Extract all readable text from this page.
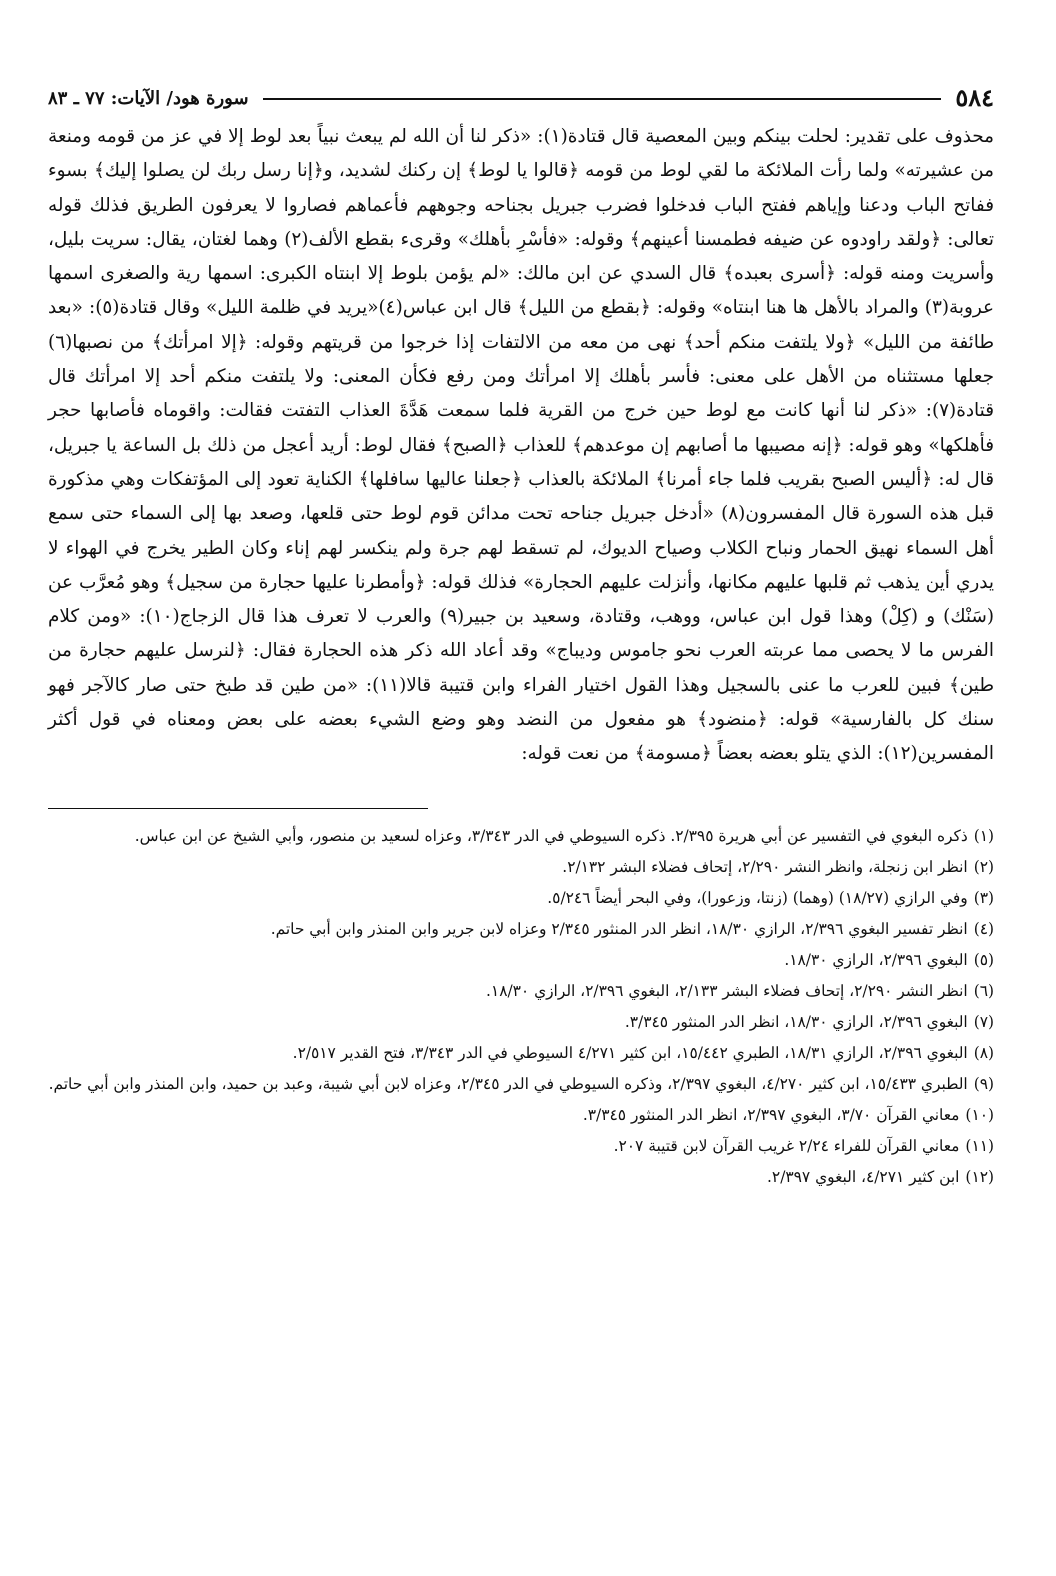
٥٨٤
سورة هود/ الآيات: ٧٧ ـ ٨٣

محذوف على تقدير: لحلت بينكم وبين المعصية قال قتادة(١): «ذكر لنا أن الله لم يبعث نبياً بعد لوط إلا في عز من قومه ومنعة من عشيرته» ولما رأت الملائكة ما لقي لوط من قومه ﴿قالوا يا لوط﴾ إن ركنك لشديد، و﴿إنا رسل ربك لن يصلوا إليك﴾ بسوء ففاتح الباب ودعنا وإياهم ففتح الباب فدخلوا فضرب جبريل بجناحه وجوههم فأعماهم فصاروا لا يعرفون الطريق فذلك قوله تعالى: ﴿ولقد راودوه عن ضيفه فطمسنا أعينهم﴾ وقوله: «فأسْرِ بأهلك» وقرىء بقطع الألف(٢) وهما لغتان، يقال: سريت بليل، وأسريت ومنه قوله: ﴿أسرى بعبده﴾ قال السدي عن ابن مالك: «لم يؤمن بلوط إلا ابنتاه الكبرى: اسمها رية والصغرى اسمها عروبة(٣) والمراد بالأهل ها هنا ابنتاه» وقوله: ﴿بقطع من الليل﴾ قال ابن عباس(٤)«يريد في ظلمة الليل» وقال قتادة(٥): «بعد طائفة من الليل» ﴿ولا يلتفت منكم أحد﴾ نهى من معه من الالتفات إذا خرجوا من قريتهم وقوله: ﴿إلا امرأتك﴾ من نصبها(٦) جعلها مستثناه من الأهل على معنى: فأسر بأهلك إلا امرأتك ومن رفع فكأن المعنى: ولا يلتفت منكم أحد إلا امرأتك قال قتادة(٧): «ذكر لنا أنها كانت مع لوط حين خرج من القرية فلما سمعت هَدَّةَ العذاب التفتت فقالت: واقوماه فأصابها حجر فأهلكها» وهو قوله: ﴿إنه مصيبها ما أصابهم إن موعدهم﴾ للعذاب ﴿الصبح﴾ فقال لوط: أريد أعجل من ذلك بل الساعة يا جبريل، قال له: ﴿أليس الصبح بقريب فلما جاء أمرنا﴾ الملائكة بالعذاب ﴿جعلنا عاليها سافلها﴾ الكناية تعود إلى المؤتفكات وهي مذكورة قبل هذه السورة قال المفسرون(٨) «أدخل جبريل جناحه تحت مدائن قوم لوط حتى قلعها، وصعد بها إلى السماء حتى سمع أهل السماء نهيق الحمار ونباح الكلاب وصياح الديوك، لم تسقط لهم جرة ولم ينكسر لهم إناء وكان الطير يخرج في الهواء لا يدري أين يذهب ثم قلبها عليهم مكانها، وأنزلت عليهم الحجارة» فذلك قوله: ﴿وأمطرنا عليها حجارة من سجيل﴾ وهو مُعرَّب عن (سَنْك) و (كِلْ) وهذا قول ابن عباس، ووهب، وقتادة، وسعيد بن جبير(٩) والعرب لا تعرف هذا قال الزجاج(١٠): «ومن كلام الفرس ما لا يحصى مما عربته العرب نحو جاموس وديباج» وقد أعاد الله ذكر هذه الحجارة فقال: ﴿لنرسل عليهم حجارة من طين﴾ فبين للعرب ما عنى بالسجيل وهذا القول اختيار الفراء وابن قتيبة قالا(١١): «من طين قد طبخ حتى صار كالآجر فهو سنك كل بالفارسية» قوله: ﴿منضود﴾ هو مفعول من النضد وهو وضع الشيء بعضه على بعض ومعناه في قول أكثر المفسرين(١٢): الذي يتلو بعضه بعضاً ﴿مسومة﴾ من نعت قوله:

(١)
ذكره البغوي في التفسير عن أبي هريرة ٢/٣٩٥. ذكره السيوطي في الدر ٣/٣٤٣، وعزاه لسعيد بن منصور، وأبي الشيخ عن ابن عباس.
(٢)
انظر ابن زنجلة، وانظر النشر ٢/٢٩٠، إتحاف فضلاء البشر ٢/١٣٢.
(٣)
وفي الرازي (١٨/٢٧) (وهما) (زنتا، وزعورا)، وفي البحر أيضاً ٥/٢٤٦.
(٤)
انظر تفسير البغوي ٢/٣٩٦، الرازي ١٨/٣٠، انظر الدر المنثور ٢/٣٤٥ وعزاه لابن جرير وابن المنذر وابن أبي حاتم.
(٥)
البغوي ٢/٣٩٦، الرازي ١٨/٣٠.
(٦)
انظر النشر ٢/٢٩٠، إتحاف فضلاء البشر ٢/١٣٣، البغوي ٢/٣٩٦، الرازي ١٨/٣٠.
(٧)
البغوي ٢/٣٩٦، الرازي ١٨/٣٠، انظر الدر المنثور ٣/٣٤٥.
(٨)
البغوي ٢/٣٩٦، الرازي ١٨/٣١، الطبري ١٥/٤٤٢، ابن كثير ٤/٢٧١ السيوطي في الدر ٣/٣٤٣، فتح القدير ٢/٥١٧.
(٩)
الطبري ١٥/٤٣٣، ابن كثير ٤/٢٧٠، البغوي ٢/٣٩٧، وذكره السيوطي في الدر ٢/٣٤٥، وعزاه لابن أبي شيبة، وعبد بن حميد، وابن المنذر وابن أبي حاتم.
(١٠)
معاني القرآن ٣/٧٠، البغوي ٢/٣٩٧، انظر الدر المنثور ٣/٣٤٥.
(١١)
معاني القرآن للفراء ٢/٢٤ غريب القرآن لابن قتيبة ٢٠٧.
(١٢)
ابن كثير ٤/٢٧١، البغوي ٢/٣٩٧.
